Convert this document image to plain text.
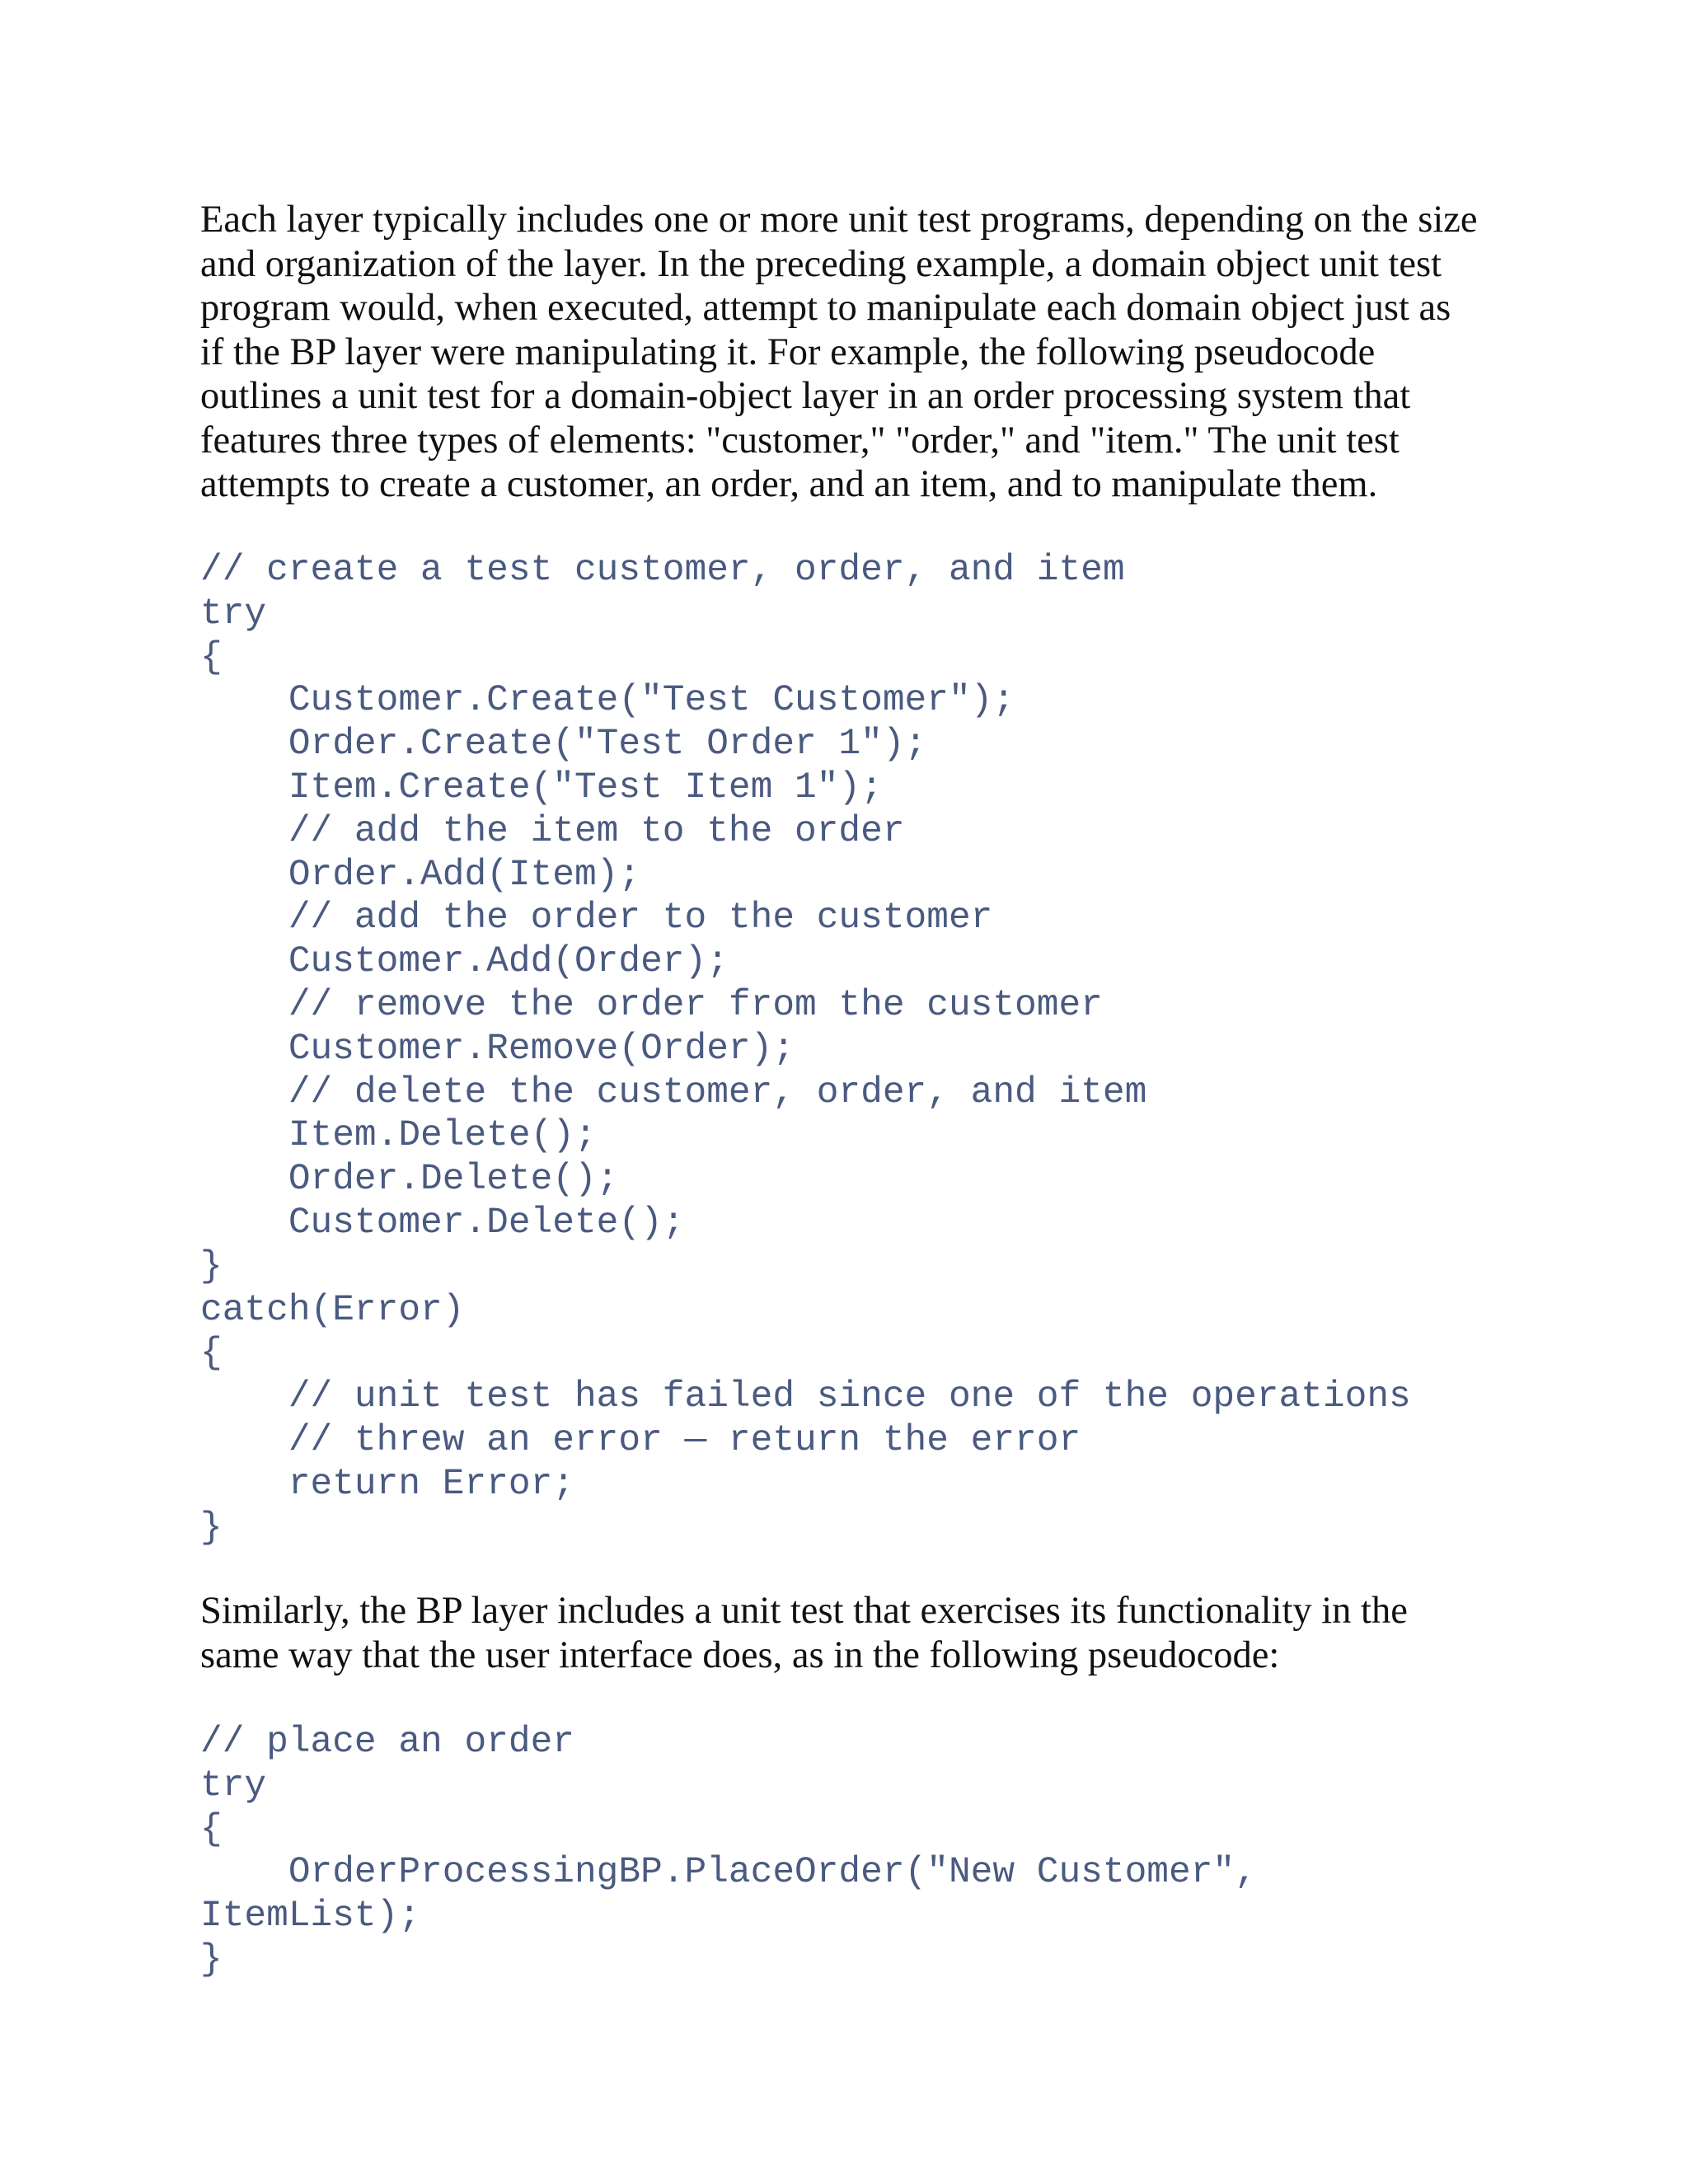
Each layer typically includes one or more unit test programs, depending on the size
and organization of the layer. In the preceding example, a domain object unit test
program would, when executed, attempt to manipulate each domain object just as
if the BP layer were manipulating it. For example, the following pseudocode
outlines a unit test for a domain-object layer in an order processing system that
features three types of elements: "customer," "order," and "item." The unit test
attempts to create a customer, an order, and an item, and to manipulate them.

// create a test customer, order, and item
try
{
Customer.Create("Test Customer");
Order.Create("Test Order 1");
Item.Create("Test Item 1");
// add the item to the order
Order.Add(Item);
// add the order to the customer
Customer.Add(Order);
// remove the order from the customer
Customer.Remove(Order);
// delete the customer, order, and item
Item.Delete();
Order.Delete();
Customer.Delete();
}
catch(Error)
{
// unit test has failed since one of the operations
// threw an error — return the error
return Error;
}

Similarly, the BP layer includes a unit test that exercises its functionality in the
same way that the user interface does, as in the following pseudocode:

// place an order
try
{
OrderProcessingBP.PlaceOrder("New Customer",
ItemList);
}
